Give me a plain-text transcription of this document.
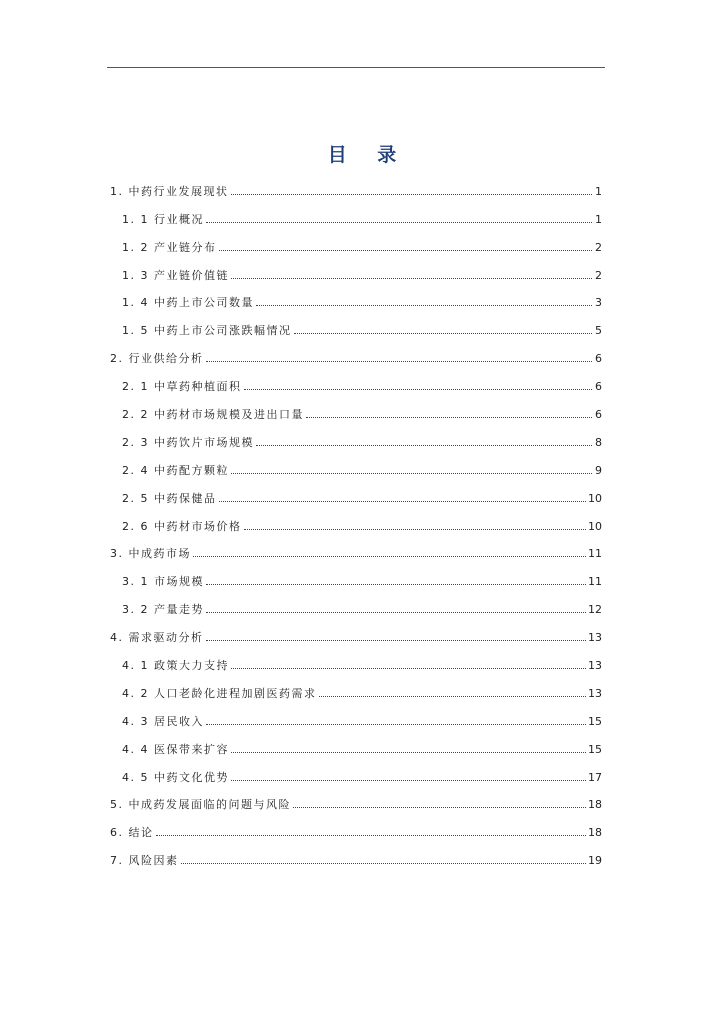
目 录
1. 中药行业发展现状	1
1. 1 行业概况	1
1. 2 产业链分布	2
1. 3 产业链价值链	2
1. 4 中药上市公司数量	3
1. 5 中药上市公司涨跌幅情况	5
2. 行业供给分析	6
2. 1 中草药种植面积	6
2. 2 中药材市场规模及进出口量	6
2. 3 中药饮片市场规模	8
2. 4 中药配方颗粒	9
2. 5 中药保健品	10
2. 6 中药材市场价格	10
3. 中成药市场	11
3. 1 市场规模	11
3. 2 产量走势	12
4. 需求驱动分析	13
4. 1 政策大力支持	13
4. 2 人口老龄化进程加剧医药需求	13
4. 3 居民收入	15
4. 4 医保带来扩容	15
4. 5 中药文化优势	17
5. 中成药发展面临的问题与风险	18
6. 结论	18
7. 风险因素	19
